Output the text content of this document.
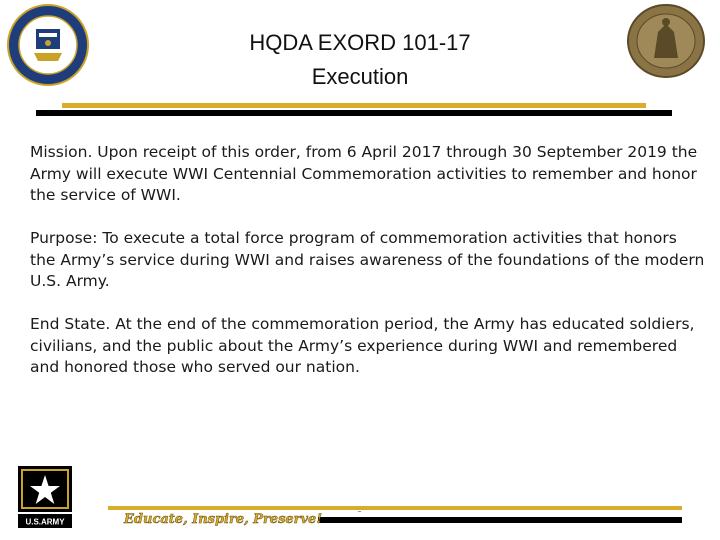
HQDA EXORD 101-17
Execution

Mission. Upon receipt of this order, from 6 April 2017 through 30 September 2019 the Army will execute WWI Centennial Commemoration activities to remember and honor the service of WWI.

Purpose: To execute a total force program of commemoration activities that honors the Army’s service during WWI and raises awareness of the foundations of the modern U.S. Army.

End State. At the end of the commemoration period, the Army has educated soldiers, civilians, and the public about the Army’s experience during WWI and remembered and honored those who served our nation.

U.S.ARMY	Educate, Inspire, Preserve!
